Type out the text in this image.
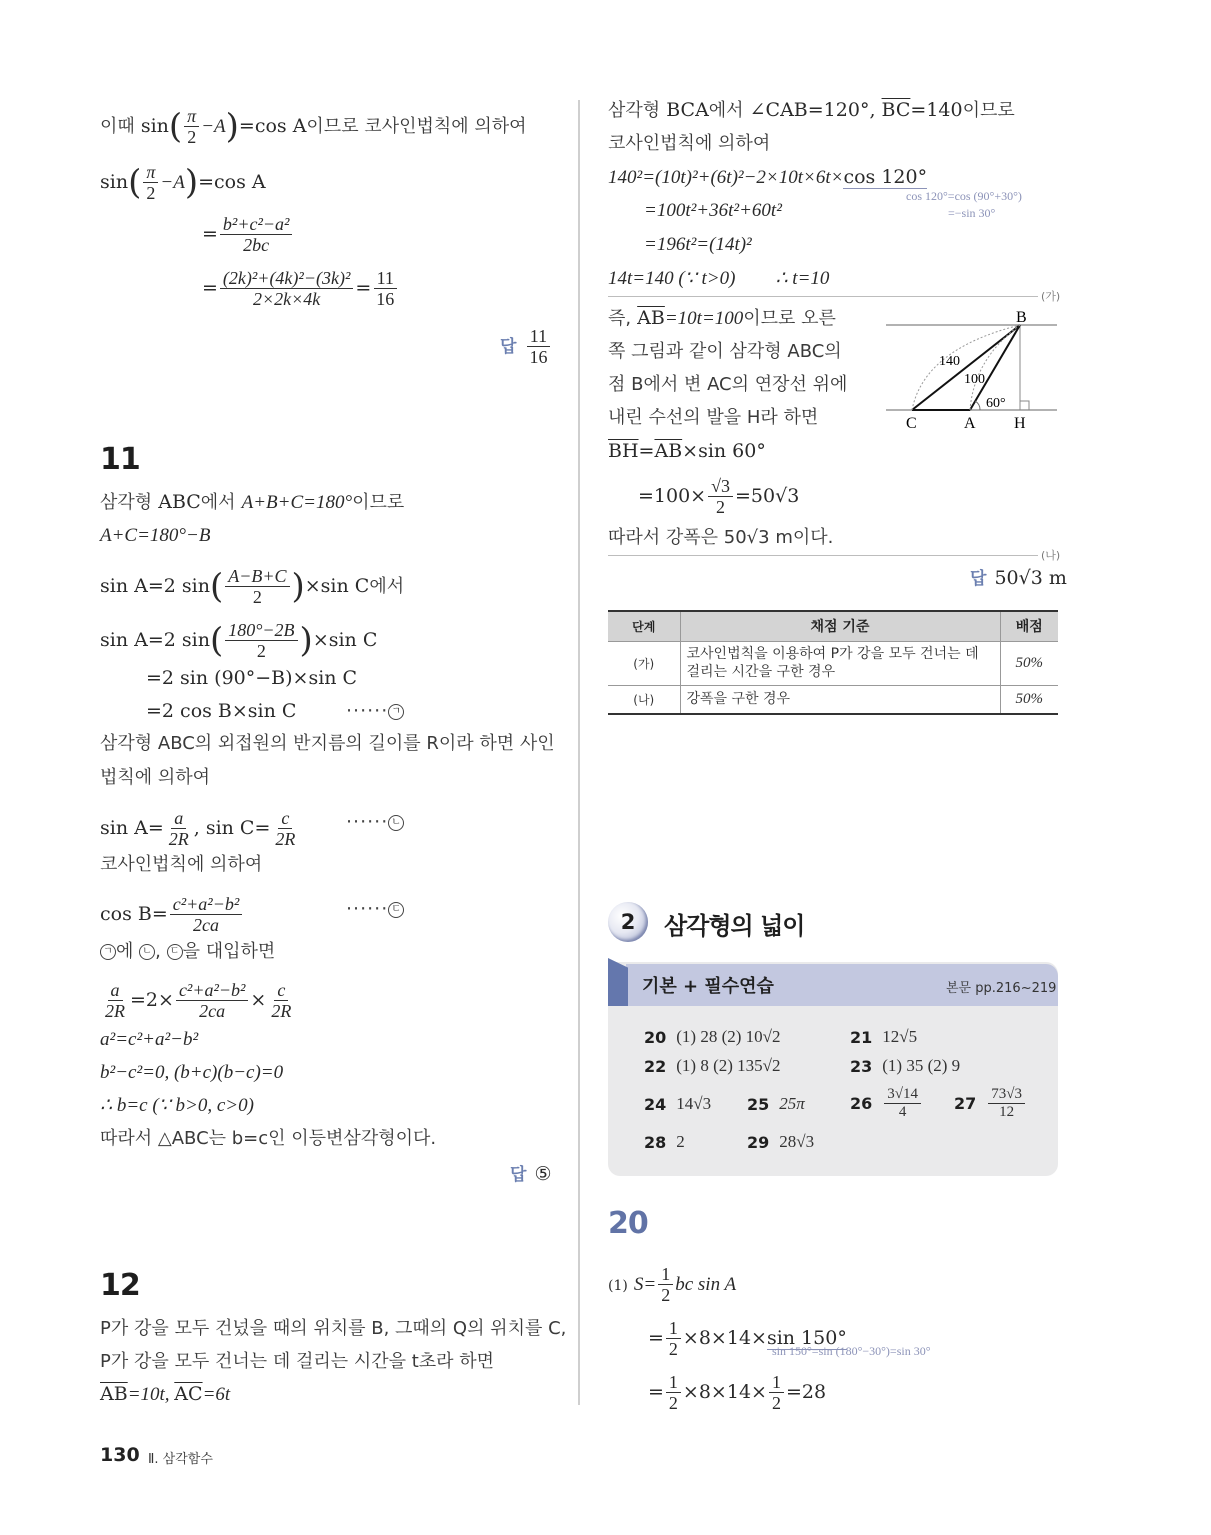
이때 $\sin( \frac{\pi}{2} -A)=\cos$ A이므로 코사인법칙에 의하여
$\sin( \frac{\pi}{2} -A)=\cos$ A
= $\frac{\text{b²+c²−a²}}{2bc}$
= $\frac{\text{(2k)²+(4k)²−(3k)²}}{2\times 2k\times 4k} = \frac{11}{16}$
답 $\frac{11}{16}$
11
삼각형 ABC에서 A+B+C=180°이므로
A+C=180°−B
sin A=2 $\sin( \frac{A-B+C}{2} )\times\sin$ C에서
sin A=2 $\sin( \frac{180^\circ-2B}{2} )\times\sin$ C
=2 sin (90°−B)×sin C
=2 cos B×sin C	······ ㄱ
삼각형 ABC의 외접원의 반지름의 길이를 R이라 하면 사인
법칙에 의하여
$\sin A= \frac{a}{2R}$ , $\sin C= \frac{c}{2R}$	······ ㄴ
코사인법칙에 의하여
$\cos B= \frac{\text{c²+a²−b²}}{2ca}$	······ ㄷ
ㄱ 에 ㄴ , ㄷ 을 대입하면
$\frac{a}{2R} =2\times \frac{\text{c²+a²−b²}}{2ca} \times \frac{c}{2R}$
a²=c²+a²−b²
b²−c²=0, (b+c)(b−c)=0
∴ b=c (∵ b>0, c>0)
따라서 △ABC는 b=c인 이등변삼각형이다.
답 ⑤
12
P가 강을 모두 건넜을 때의 위치를 B, 그때의 Q의 위치를 C,
P가 강을 모두 건너는 데 걸리는 시간을 t초라 하면
$\overline{AB}=10t$, $\overline{AC}=6t$
삼각형 BCA에서 ∠CAB=120°, $\overline{BC}=140$이므로
코사인법칙에 의하여
140²=(10t)²+(6t)²−2×10t×6t×cos 120°
cos 120°=cos (90°+30°)
=−sin 30°
=100t²+36t²+60t²
=196t²=(14t)²
14t=140 (∵ t>0) ∴ t=10
(가)
즉, $\overline{AB}=10t=100$이므로 오른
쪽 그림과 같이 삼각형 ABC의
점 B에서 변 AC의 연장선 위에
내린 수선의 발을 H라 하면
$\overline{BH}=\overline{AB}\times\sin$ 60°
$=100\times \frac{√3}{2} =50√3$
따라서 강폭은 50√3 m이다.
(나)
답 50√3 m
B
C	A H
140
100
60°
단계	채점 기준	배점
(가)	코사인법칙을 이용하여 P가 강을 모두 건너는 데 걸리는 시간을 구한 경우	50%
(나)	강폭을 구한 경우	50%
2	삼각형의 넓이
기본 + 필수연습	본문 pp.216~219
20 (1) 28 (2) 10√2	21 12√5
22 (1) 8 (2) 135√2	23 (1) 35 (2) 9
24 14√3 25 25π	$26 \frac{3√14}{4} 27 \frac{73√3}{12}$
28 2	29 28√3
20
(1) $S= \frac{1}{2}$ bc sin A
= $\frac{1}{2} \times 8\times 14\times\sin$ 150°
sin 150°=sin (180°−30°)=sin 30°
= $\frac{1}{2} \times 8\times 14\times \frac{1}{2} =28$
130 Ⅱ. 삼각함수
